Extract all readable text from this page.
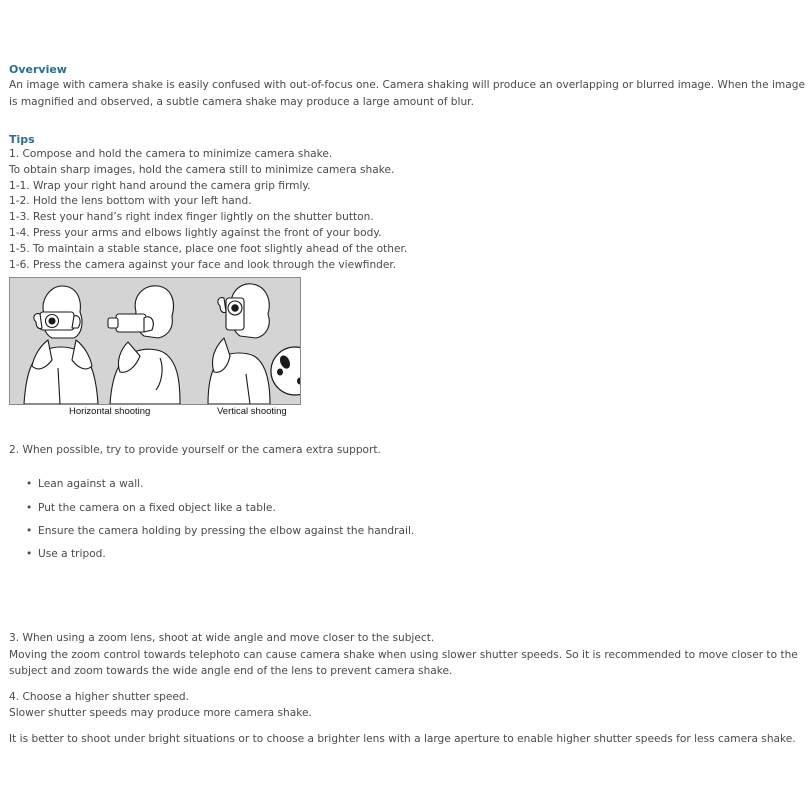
Overview

An image with camera shake is easily confused with out-of-focus one. Camera shaking will produce an overlapping or blurred image. When the image is magnified and observed, a subtle camera shake may produce a large amount of blur.

Tips

1. Compose and hold the camera to minimize camera shake.

To obtain sharp images, hold the camera still to minimize camera shake.

1-1. Wrap your right hand around the camera grip firmly.

1-2. Hold the lens bottom with your left hand.

1-3. Rest your hand’s right index finger lightly on the shutter button.

1-4. Press your arms and elbows lightly against the front of your body.

1-5. To maintain a stable stance, place one foot slightly ahead of the other.

1-6. Press the camera against your face and look through the viewfinder.

Horizontal shooting	Vertical shooting

2. When possible, try to provide yourself or the camera extra support.

• Lean against a wall.
• Put the camera on a fixed object like a table.
• Ensure the camera holding by pressing the elbow against the handrail.
• Use a tripod.

3. When using a zoom lens, shoot at wide angle and move closer to the subject.

Moving the zoom control towards telephoto can cause camera shake when using slower shutter speeds. So it is recommended to move closer to the subject and zoom towards the wide angle end of the lens to prevent camera shake.

4. Choose a higher shutter speed.

Slower shutter speeds may produce more camera shake.

It is better to shoot under bright situations or to choose a brighter lens with a large aperture to enable higher shutter speeds for less camera shake.
